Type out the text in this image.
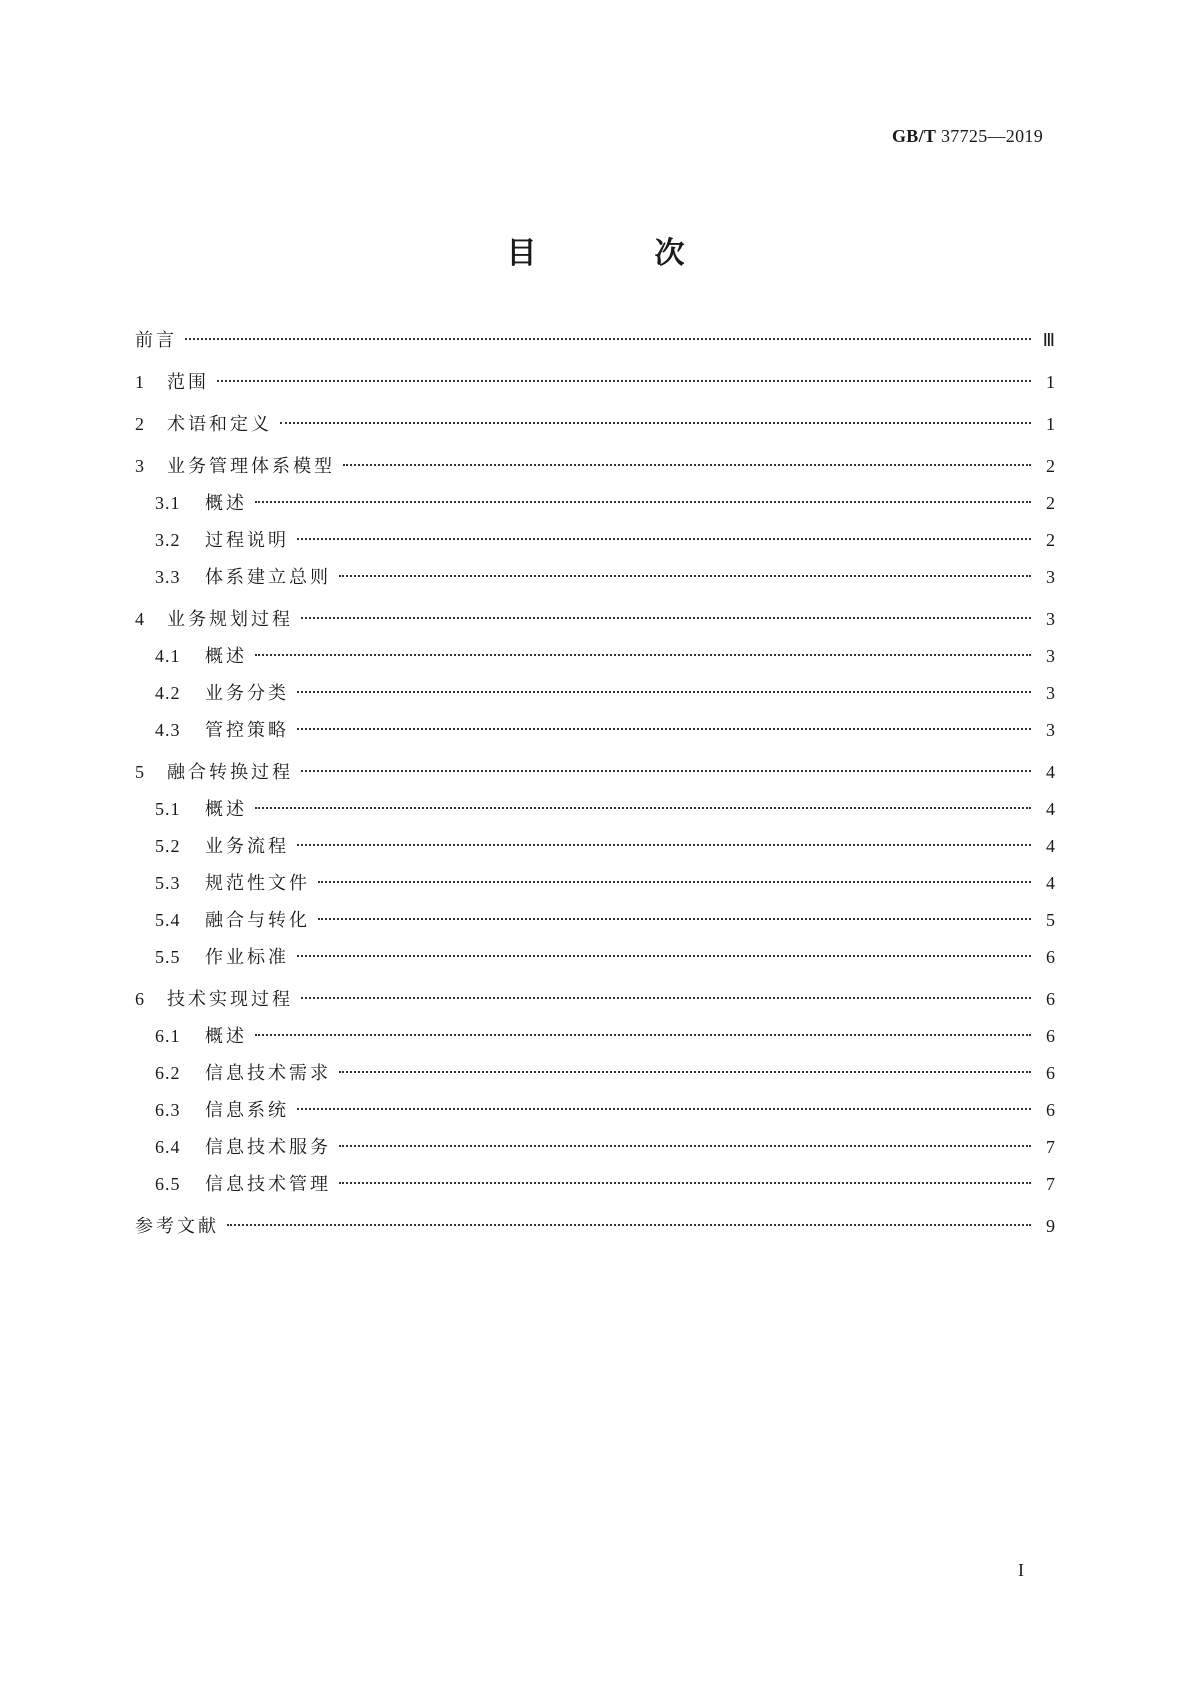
GB/T 37725—2019
目　次
前言	Ⅲ
1	范围	1
2	术语和定义	1
3	业务管理体系模型	2
3.1	概述	2
3.2	过程说明	2
3.3	体系建立总则	3
4	业务规划过程	3
4.1	概述	3
4.2	业务分类	3
4.3	管控策略	3
5	融合转换过程	4
5.1	概述	4
5.2	业务流程	4
5.3	规范性文件	4
5.4	融合与转化	5
5.5	作业标准	6
6	技术实现过程	6
6.1	概述	6
6.2	信息技术需求	6
6.3	信息系统	6
6.4	信息技术服务	7
6.5	信息技术管理	7
参考文献	9
I
